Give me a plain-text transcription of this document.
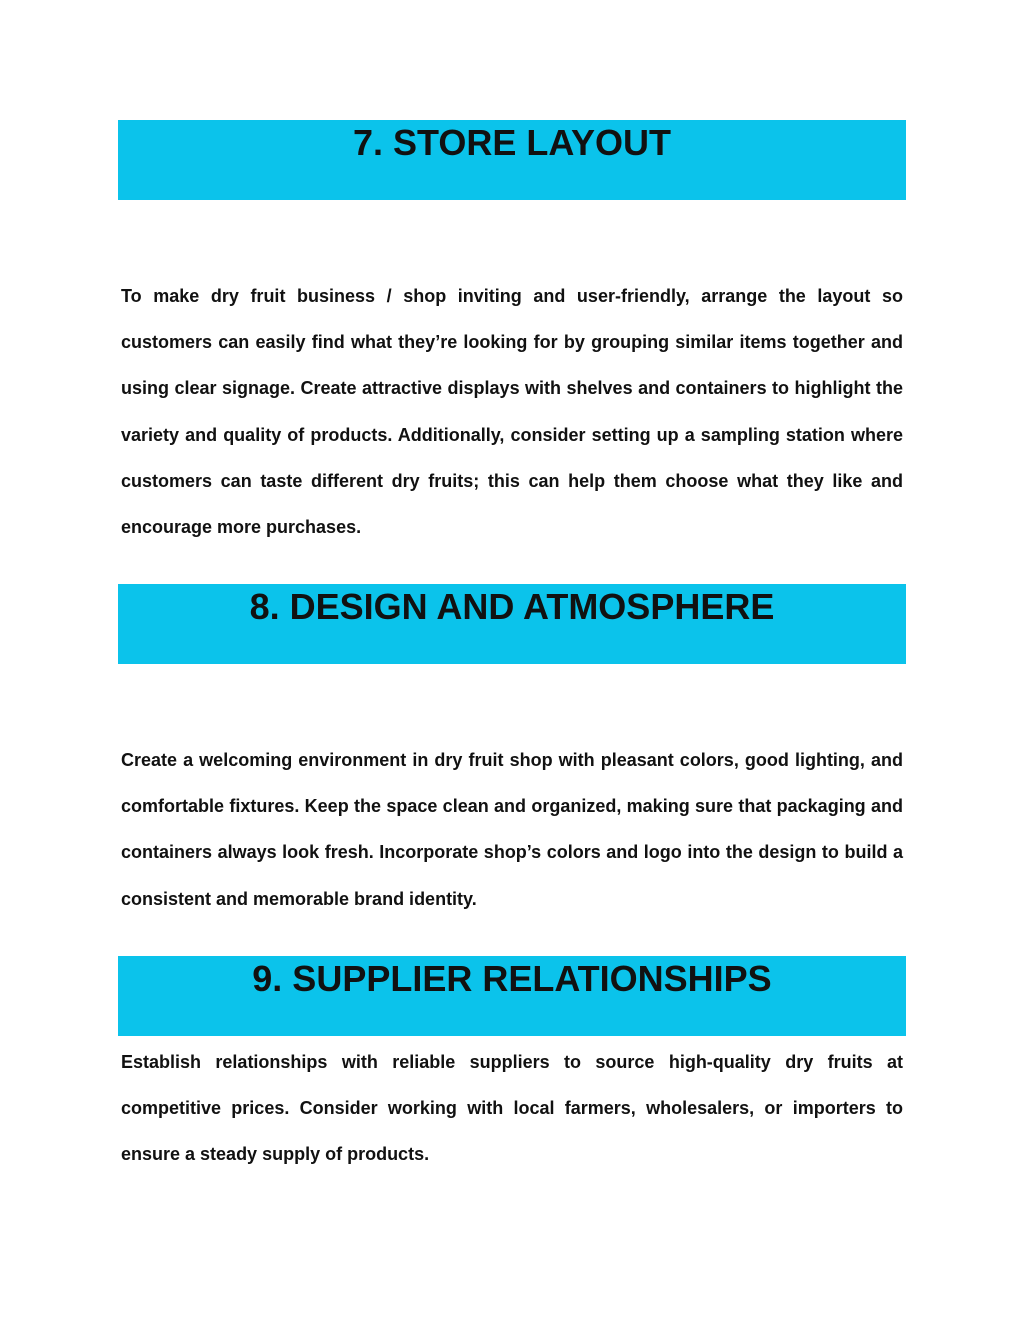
7. STORE LAYOUT

To make dry fruit business / shop inviting and user-friendly, arrange the layout so customers can easily find what they’re looking for by grouping similar items together and using clear signage. Create attractive displays with shelves and containers to highlight the variety and quality of products. Additionally, consider setting up a sampling station where customers can taste different dry fruits; this can help them choose what they like and encourage more purchases.

8. DESIGN AND ATMOSPHERE

Create a welcoming environment in dry fruit shop with pleasant colors, good lighting, and comfortable fixtures. Keep the space clean and organized, making sure that packaging and containers always look fresh. Incorporate shop’s colors and logo into the design to build a consistent and memorable brand identity.

9. SUPPLIER RELATIONSHIPS

Establish relationships with reliable suppliers to source high-quality dry fruits at competitive prices. Consider working with local farmers, wholesalers, or importers to ensure a steady supply of products.
